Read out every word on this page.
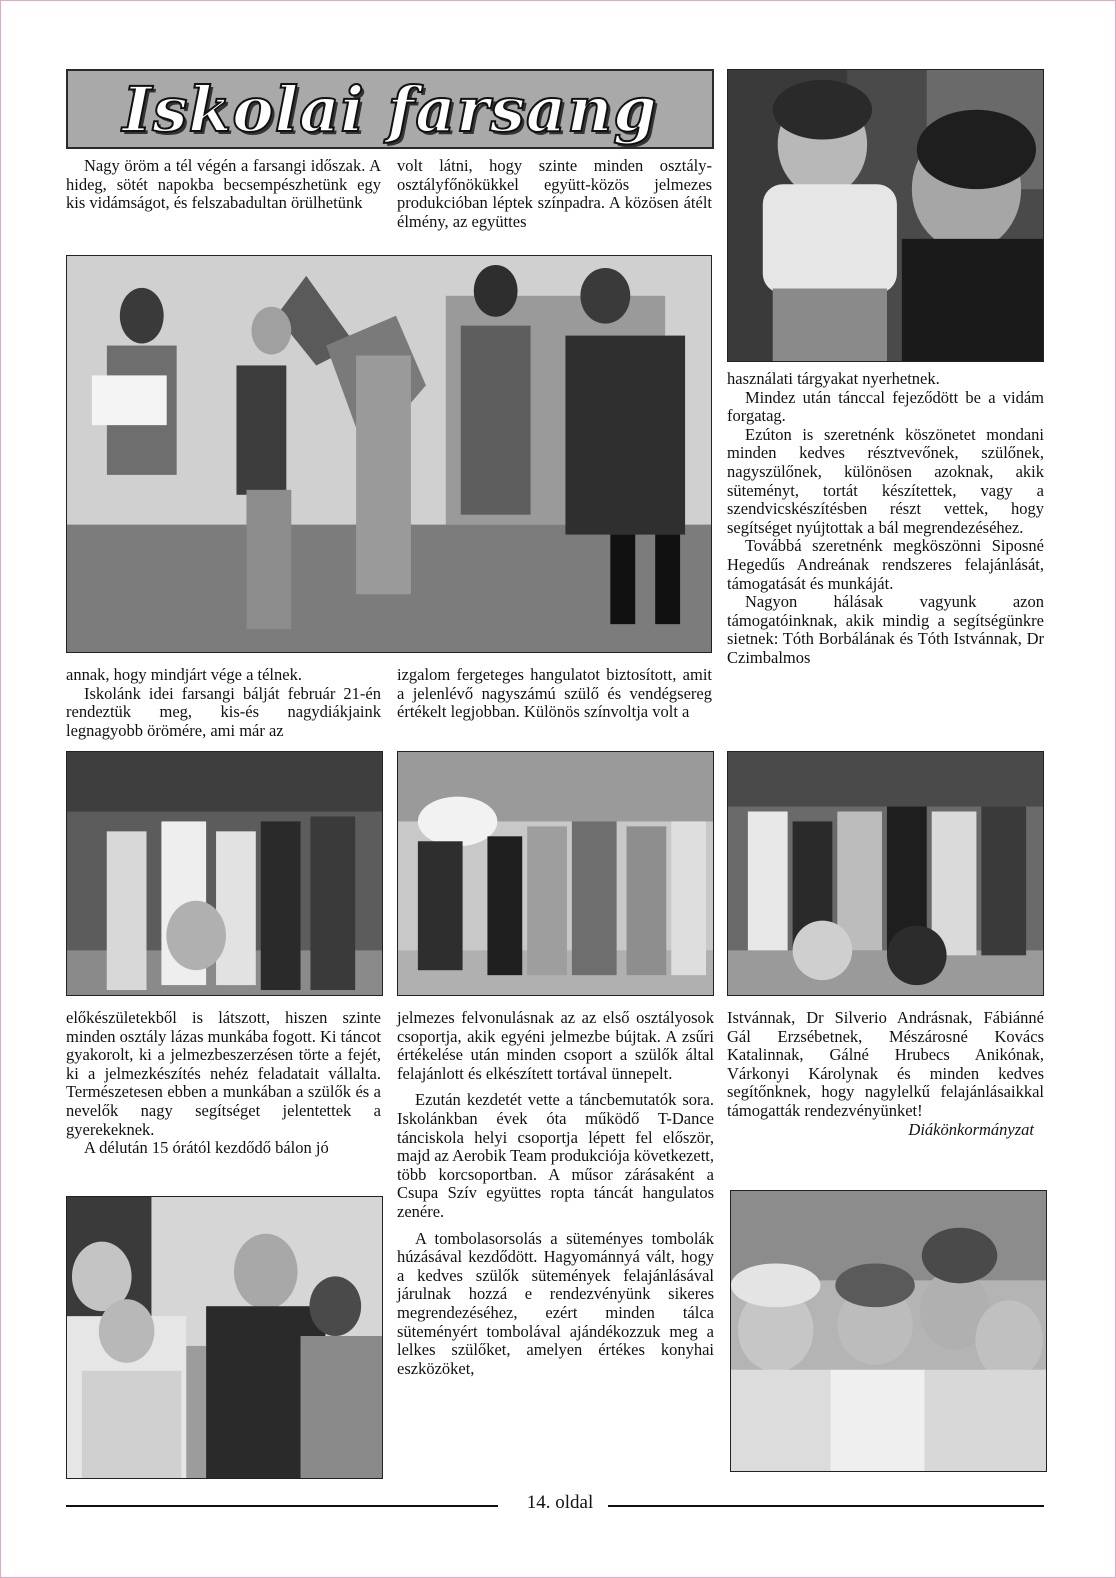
Iskolai farsang

Nagy öröm a tél végén a farsangi időszak. A hideg, sötét napokba becsempészhetünk egy kis vidámságot, és felszabadultan örülhetünk

volt látni, hogy szinte minden osztály- osztályfőnökükkel együtt-közös jelmezes produkcióban léptek színpadra. A közösen átélt élmény, az együttes

annak, hogy mindjárt vége a télnek.

Iskolánk idei farsangi bálját február 21-én rendeztük meg, kis-és nagydiákjaink legnagyobb örömére, ami már az

izgalom fergeteges hangulatot biztosított, amit a jelenlévő nagyszámú szülő és vendégsereg értékelt legjobban. Különös színvoltja volt a

használati tárgyakat nyerhetnek.

Mindez után tánccal fejeződött be a vidám forgatag.

Ezúton is szeretnénk köszönetet mondani minden kedves résztvevőnek, szülőnek, nagyszülőnek, különösen azoknak, akik süteményt, tortát készítettek, vagy a szendvicskészítésben részt vettek, hogy segítséget nyújtottak a bál megrendezéséhez.

Továbbá szeretnénk megköszönni Siposné Hegedűs Andreának rendszeres felajánlását, támogatását és munkáját.

Nagyon hálásak vagyunk azon támogatóinknak, akik mindig a segítségünkre sietnek: Tóth Borbálának és Tóth Istvánnak, Dr Czimbalmos

előkészületekből is látszott, hiszen szinte minden osztály lázas munkába fogott. Ki táncot gyakorolt, ki a jelmezbeszerzésen törte a fejét, ki a jelmezkészítés nehéz feladatait vállalta. Természetesen ebben a munkában a szülők és a nevelők nagy segítséget jelentettek a gyerekeknek.

A délután 15 órától kezdődő bálon jó

jelmezes felvonulásnak az az első osztályosok csoportja, akik egyéni jelmezbe bújtak. A zsűri értékelése után minden csoport a szülők által felajánlott és elkészített tortával ünnepelt.

Ezután kezdetét vette a táncbemutatók sora. Iskolánkban évek óta működő T-Dance tánciskola helyi csoportja lépett fel először, majd az Aerobik Team produkciója következett, több korcsoportban. A műsor zárásaként a Csupa Szív együttes ropta táncát hangulatos zenére.

A tombolasorsolás a süteményes tombolák húzásával kezdődött. Hagyománnyá vált, hogy a kedves szülők sütemények felajánlásával járulnak hozzá e rendezvényünk sikeres megrendezéséhez, ezért minden tálca süteményért tombolával ajándékozzuk meg a lelkes szülőket, amelyen értékes konyhai eszközöket,

Istvánnak, Dr Silverio Andrásnak, Fábiánné Gál Erzsébetnek, Mészárosné Kovács Katalinnak, Gálné Hrubecs Anikónak, Várkonyi Károlynak és minden kedves segítőnknek, hogy nagylelkű felajánlásaikkal támogatták rendezvényünket!

Diákönkormányzat

14. oldal
